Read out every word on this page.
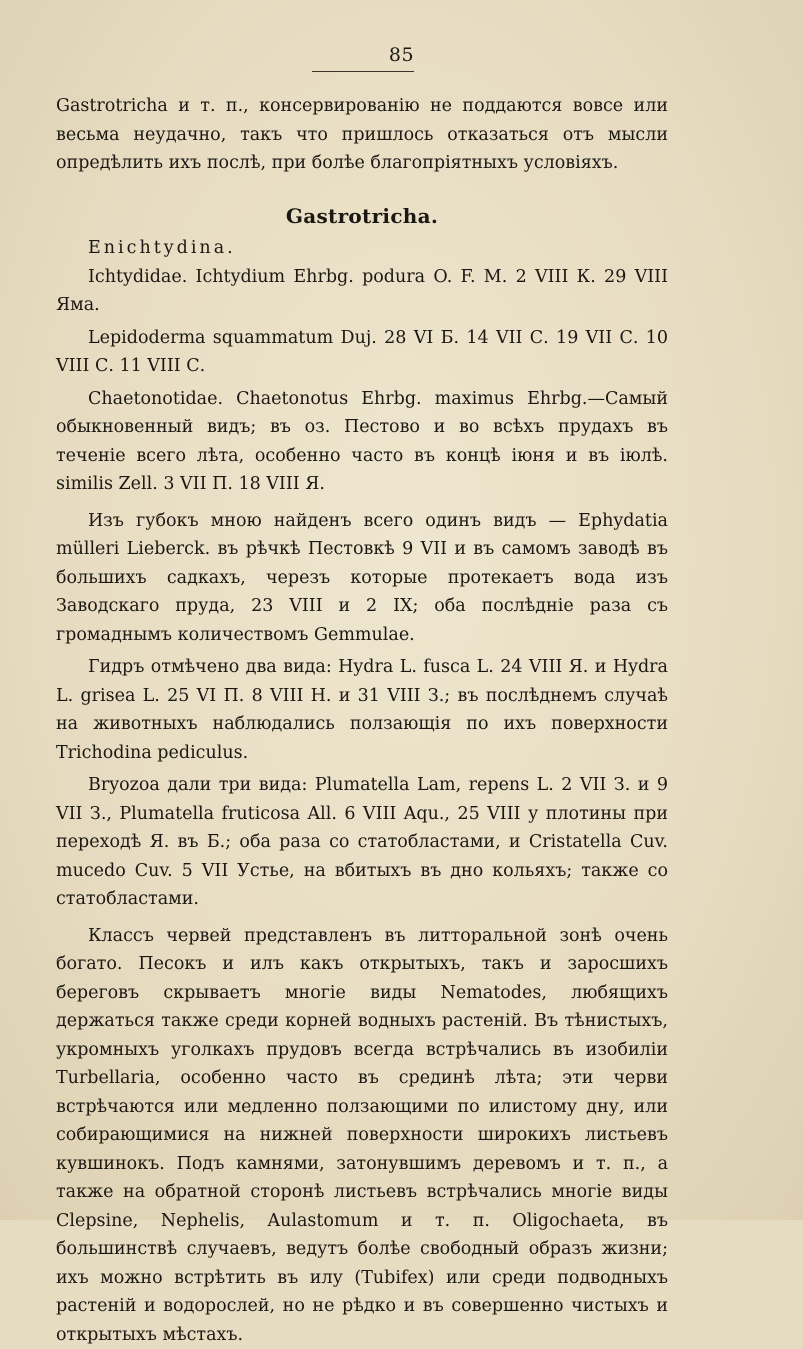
85

Gastrotricha и т. п., консервированію не поддаются вовсе или весьма неудачно, такъ что пришлось отказаться отъ мысли опредѣлить ихъ послѣ, при болѣе благопріятныхъ условіяхъ.

Gastrotricha.

Enichtydina.

Ichtydidae. Ichtydium Ehrbg. podura O. F. M. 2 VIII К. 29 VIII Яма.

Lepidoderma squammatum Duj. 28 VI Б. 14 VII С. 19 VII С. 10 VIII С. 11 VIII С.

Chaetonotidae. Chaetonotus Ehrbg. maximus Ehrbg.—Самый обыкновенный видъ; въ оз. Пестово и во всѣхъ прудахъ въ теченіе всего лѣта, особенно часто въ концѣ іюня и въ іюлѣ. similis Zell. 3 VII П. 18 VIII Я.

Изъ губокъ мною найденъ всего одинъ видъ — Ephydatia müllеri Lieberck. въ рѣчкѣ Пестовкѣ 9 VII и въ самомъ заводѣ въ большихъ садкахъ, черезъ которые протекаетъ вода изъ Заводскаго пруда, 23 VIII и 2 IX; оба послѣдніе раза съ громаднымъ количествомъ Gemmulae.

Гидръ отмѣчено два вида: Hydra L. fusca L. 24 VIII Я. и Hydra L. grisea L. 25 VI П. 8 VIII Н. и 31 VIII З.; въ послѣднемъ случаѣ на животныхъ наблюдались ползающія по ихъ поверхности Trichodina pediculus.

Bryozoa дали три вида: Plumatella Lam, repens L. 2 VII З. и 9 VII З., Plumatella fruticosa All. 6 VIII Aqu., 25 VIII у плотины при переходѣ Я. въ Б.; оба раза со статобластами, и Cristatella Cuv. mucedo Cuv. 5 VII Устье, на вбитыхъ въ дно кольяхъ; также со статобластами.

Классъ червей представленъ въ литторальной зонѣ очень богато. Песокъ и илъ какъ открытыхъ, такъ и заросшихъ береговъ скрываетъ многіе виды Nematodes, любящихъ держаться также среди корней водныхъ растеній. Въ тѣнистыхъ, укромныхъ уголкахъ прудовъ всегда встрѣчались въ изобиліи Turbellaria, особенно часто въ срединѣ лѣта; эти черви встрѣчаются или медленно ползающими по илистому дну, или собирающимися на нижней поверхности широкихъ листьевъ кувшинокъ. Подъ камнями, затонувшимъ деревомъ и т. п., а также на обратной сторонѣ листьевъ встрѣчались многіе виды Clepsine, Nephelis, Aulastomum и т. п. Oligochaeta, въ большинствѣ случаевъ, ведутъ болѣе свободный образъ жизни; ихъ можно встрѣтить въ илу (Tubifex) или среди подводныхъ растеній и водорослей, но не рѣдко и въ совершенно чистыхъ и открытыхъ мѣстахъ.
